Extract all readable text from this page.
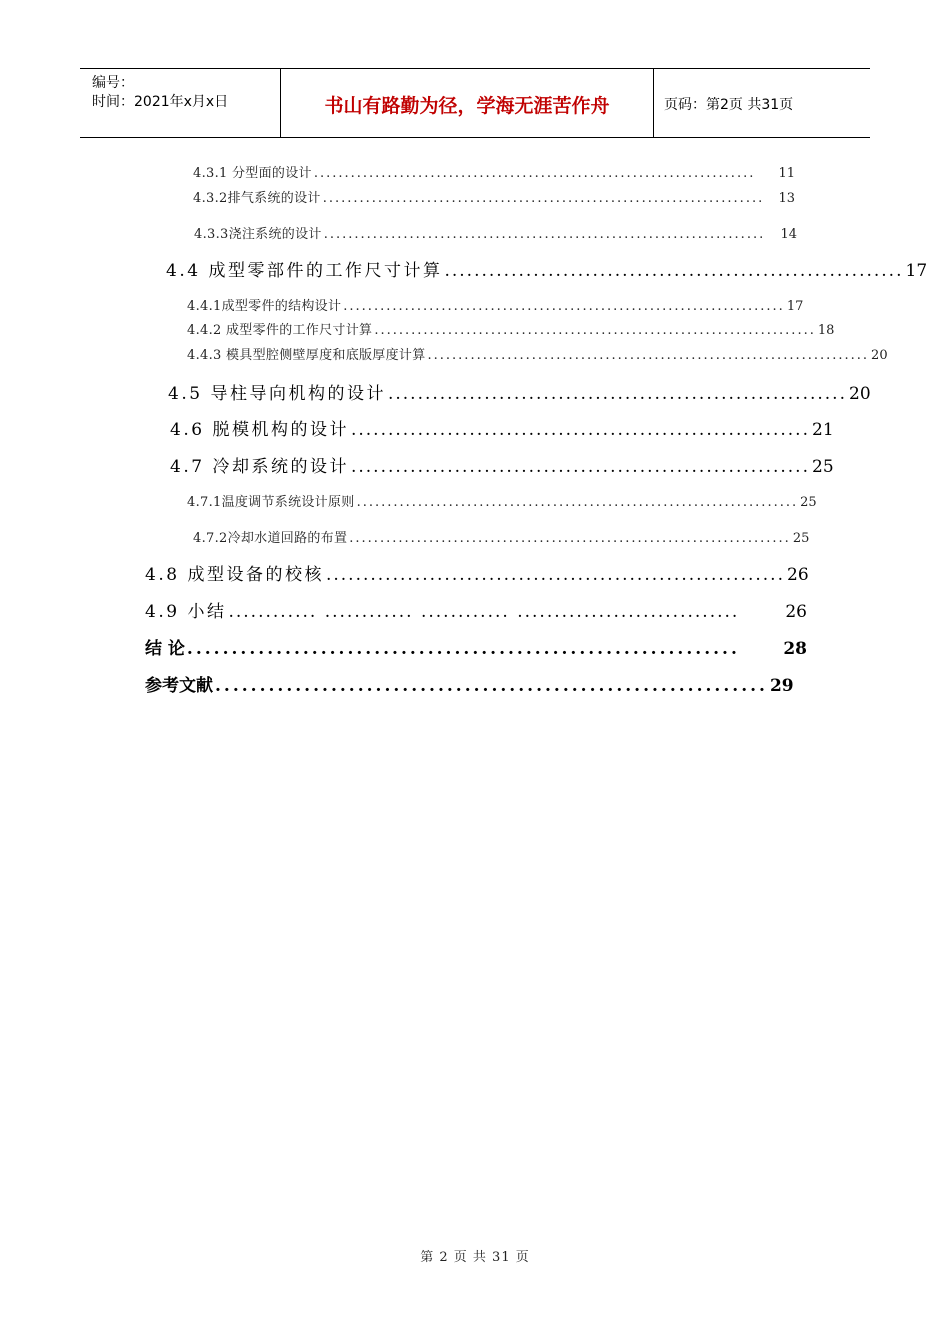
编号：
时间：2021年x月x日	书山有路勤为径，学海无涯苦作舟	页码：第2页 共31页
4.3.1 分型面的设计 ........................................................................	11
4.3.2排气系统的设计 ........................................................................	13
4.3.3浇注系统的设计 ........................................................................	14
4.4 成型零部件的工作尺寸计算 .............................................................. 17
4.4.1成型零件的结构设计 ........................................................................ 17
4.4.2 成型零件的工作尺寸计算 ........................................................................ 18
4.4.3 模具型腔侧壁厚度和底版厚度计算 ........................................................................ 20
4.5 导柱导向机构的设计 .............................................................. 20
4.6 脱模机构的设计 .............................................................. 21
4.7 冷却系统的设计 .............................................................. 25
4.7.1温度调节系统设计原则 ........................................................................ 25
4.7.2冷却水道回路的布置 ........................................................................ 25
4.8 成型设备的校核 .............................................................. 26
4.9 小结 ............ ............ ............ ..............................	26
结 论 ..............................................................	28
参考文献 .............................................................. 29
第 2 页 共 31 页
